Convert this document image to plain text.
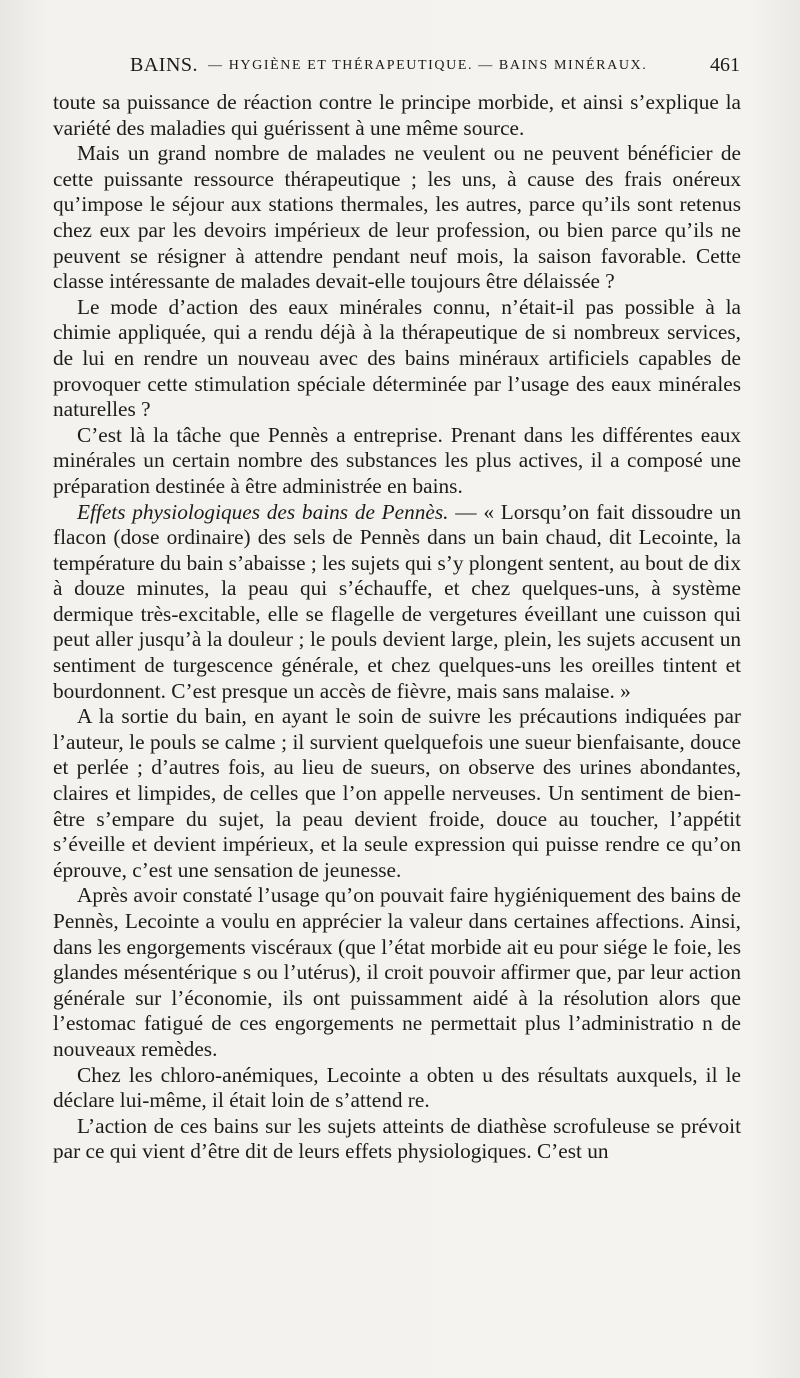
BAINS. — HYGIÈNE ET THÉRAPEUTIQUE. — BAINS MINÉRAUX.	461

toute sa puissance de réaction contre le principe morbide, et ainsi s’explique la variété des maladies qui guérissent à une même source.

Mais un grand nombre de malades ne veulent ou ne peuvent bénéficier de cette puissante ressource thérapeutique ; les uns, à cause des frais onéreux qu’impose le séjour aux stations thermales, les autres, parce qu’ils sont retenus chez eux par les devoirs impérieux de leur profession, ou bien parce qu’ils ne peuvent se résigner à attendre pendant neuf mois, la saison favorable. Cette classe intéressante de malades devait-elle toujours être délaissée ?

Le mode d’action des eaux minérales connu, n’était-il pas possible à la chimie appliquée, qui a rendu déjà à la thérapeutique de si nombreux services, de lui en rendre un nouveau avec des bains minéraux artificiels capables de provoquer cette stimulation spéciale déterminée par l’usage des eaux minérales naturelles ?

C’est là la tâche que Pennès a entreprise. Prenant dans les différentes eaux minérales un certain nombre des substances les plus actives, il a composé une préparation destinée à être administrée en bains.

Effets physiologiques des bains de Pennès. — « Lorsqu’on fait dissoudre un flacon (dose ordinaire) des sels de Pennès dans un bain chaud, dit Lecointe, la température du bain s’abaisse ; les sujets qui s’y plongent sentent, au bout de dix à douze minutes, la peau qui s’échauffe, et chez quelques-uns, à système dermique très-excitable, elle se flagelle de vergetures éveillant une cuisson qui peut aller jusqu’à la douleur ; le pouls devient large, plein, les sujets accusent un sentiment de turgescence générale, et chez quelques-uns les oreilles tintent et bourdonnent. C’est presque un accès de fièvre, mais sans malaise. »

A la sortie du bain, en ayant le soin de suivre les précautions indiquées par l’auteur, le pouls se calme ; il survient quelquefois une sueur bienfaisante, douce et perlée ; d’autres fois, au lieu de sueurs, on observe des urines abondantes, claires et limpides, de celles que l’on appelle nerveuses. Un sentiment de bien-être s’empare du sujet, la peau devient froide, douce au toucher, l’appétit s’éveille et devient impérieux, et la seule expression qui puisse rendre ce qu’on éprouve, c’est une sensation de jeunesse.

Après avoir constaté l’usage qu’on pouvait faire hygiéniquement des bains de Pennès, Lecointe a voulu en apprécier la valeur dans certaines affections. Ainsi, dans les engorgements viscéraux (que l’état morbide ait eu pour siége le foie, les glandes mésentérique s ou l’utérus), il croit pouvoir affirmer que, par leur action générale sur l’économie, ils ont puissamment aidé à la résolution alors que l’estomac fatigué de ces engorgements ne permettait plus l’administratio n de nouveaux remèdes.

Chez les chloro-anémiques, Lecointe a obten u des résultats auxquels, il le déclare lui-même, il était loin de s’attend re.

L’action de ces bains sur les sujets atteints de diathèse scrofuleuse se prévoit par ce qui vient d’être dit de leurs effets physiologiques. C’est un
